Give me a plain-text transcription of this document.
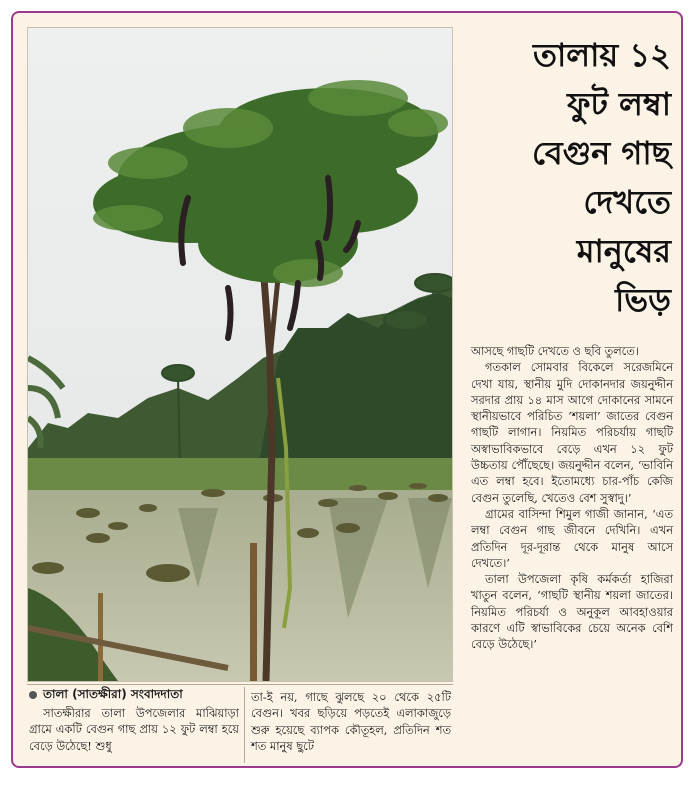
তালায় ১২
ফুট লম্বা
বেগুন গাছ
দেখতে
মানুষের
ভিড়

আসছে গাছটি দেখতে ও ছবি তুলতে।

গতকাল সোমবার বিকেলে সরেজমিনে দেখা যায়, স্থানীয় মুদি দোকানদার জয়নুদ্দীন সরদার প্রায় ১৪ মাস আগে দোকানের সামনে স্থানীয়ভাবে পরিচিত ‘শয়লা’ জাতের বেগুন গাছটি লাগান। নিয়মিত পরিচর্যায় গাছটি অস্বাভাবিকভাবে বেড়ে এখন ১২ ফুট উচ্চতায় পৌঁছেছে। জয়নুদ্দীন বলেন, ‘ভাবিনি এত লম্বা হবে। ইতোমধ্যে চার-পাঁচ কেজি বেগুন তুলেছি, খেতেও বেশ সুস্বাদু।’

গ্রামের বাসিন্দা শিমুল গাজী জানান, ‘এত লম্বা বেগুন গাছ জীবনে দেখিনি। এখন প্রতিদিন দূর-দূরান্ত থেকে মানুষ আসে দেখতে।’

তালা উপজেলা কৃষি কর্মকর্তা হাজিরা খাতুন বলেন, ‘গাছটি স্থানীয় শয়লা জাতের। নিয়মিত পরিচর্যা ও অনুকূল আবহাওয়ার কারণে এটি স্বাভাবিকের চেয়ে অনেক বেশি বেড়ে উঠেছে।’

তালা (সাতক্ষীরা) সংবাদদাতা
সাতক্ষীরার তালা উপজেলার মাঝিয়াড়া গ্রামে একটি বেগুন গাছ প্রায় ১২ ফুট লম্বা হয়ে বেড়ে উঠেছে! শুধু
তা-ই নয়, গাছে ঝুলছে ২০ থেকে ২৫টি বেগুন। খবর ছড়িয়ে পড়তেই এলাকাজুড়ে শুরু হয়েছে ব্যাপক কৌতূহল, প্রতিদিন শত শত মানুষ ছুটে
